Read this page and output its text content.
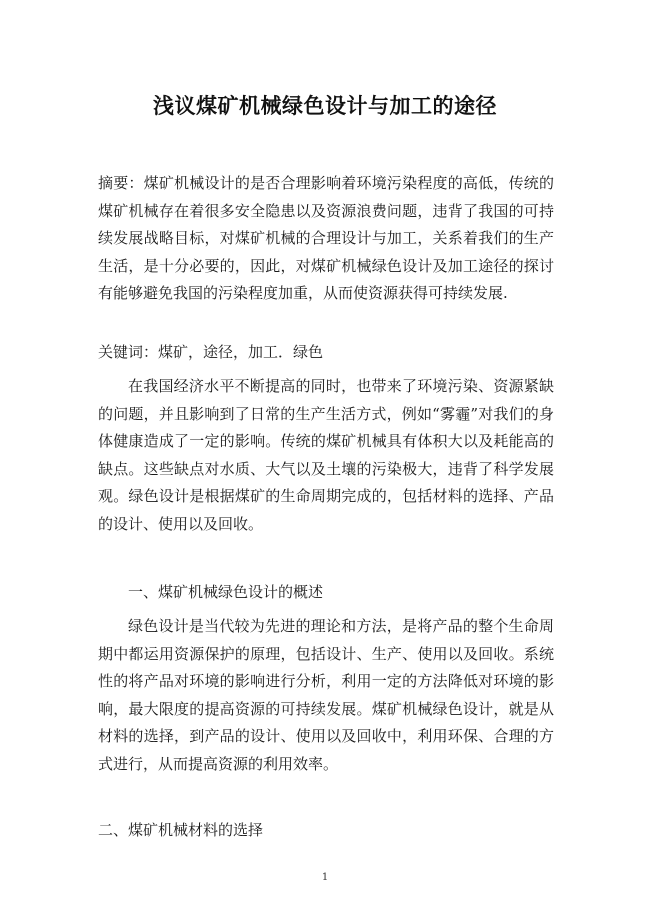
浅议煤矿机械绿色设计与加工的途径
摘要：煤矿机械设计的是否合理影响着环境污染程度的高低，传统的煤矿机械存在着很多安全隐患以及资源浪费问题，违背了我国的可持续发展战略目标，对煤矿机械的合理设计与加工，关系着我们的生产生活，是十分必要的，因此，对煤矿机械绿色设计及加工途径的探讨有能够避免我国的污染程度加重，从而使资源获得可持续发展.
关键词：煤矿，途径，加工．绿色
在我国经济水平不断提高的同时，也带来了环境污染、资源紧缺的问题，并且影响到了日常的生产生活方式，例如“雾霾”对我们的身体健康造成了一定的影响。传统的煤矿机械具有体积大以及耗能高的缺点。这些缺点对水质、大气以及土壤的污染极大，违背了科学发展观。绿色设计是根据煤矿的生命周期完成的，包括材料的选择、产品的设计、使用以及回收。
一、煤矿机械绿色设计的概述
绿色设计是当代较为先进的理论和方法，是将产品的整个生命周期中都运用资源保护的原理，包括设计、生产、使用以及回收。系统性的将产品对环境的影响进行分析，利用一定的方法降低对环境的影响，最大限度的提高资源的可持续发展。煤矿机械绿色设计，就是从材料的选择，到产品的设计、使用以及回收中，利用环保、合理的方式进行，从而提高资源的利用效率。
二、煤矿机械材料的选择
1
